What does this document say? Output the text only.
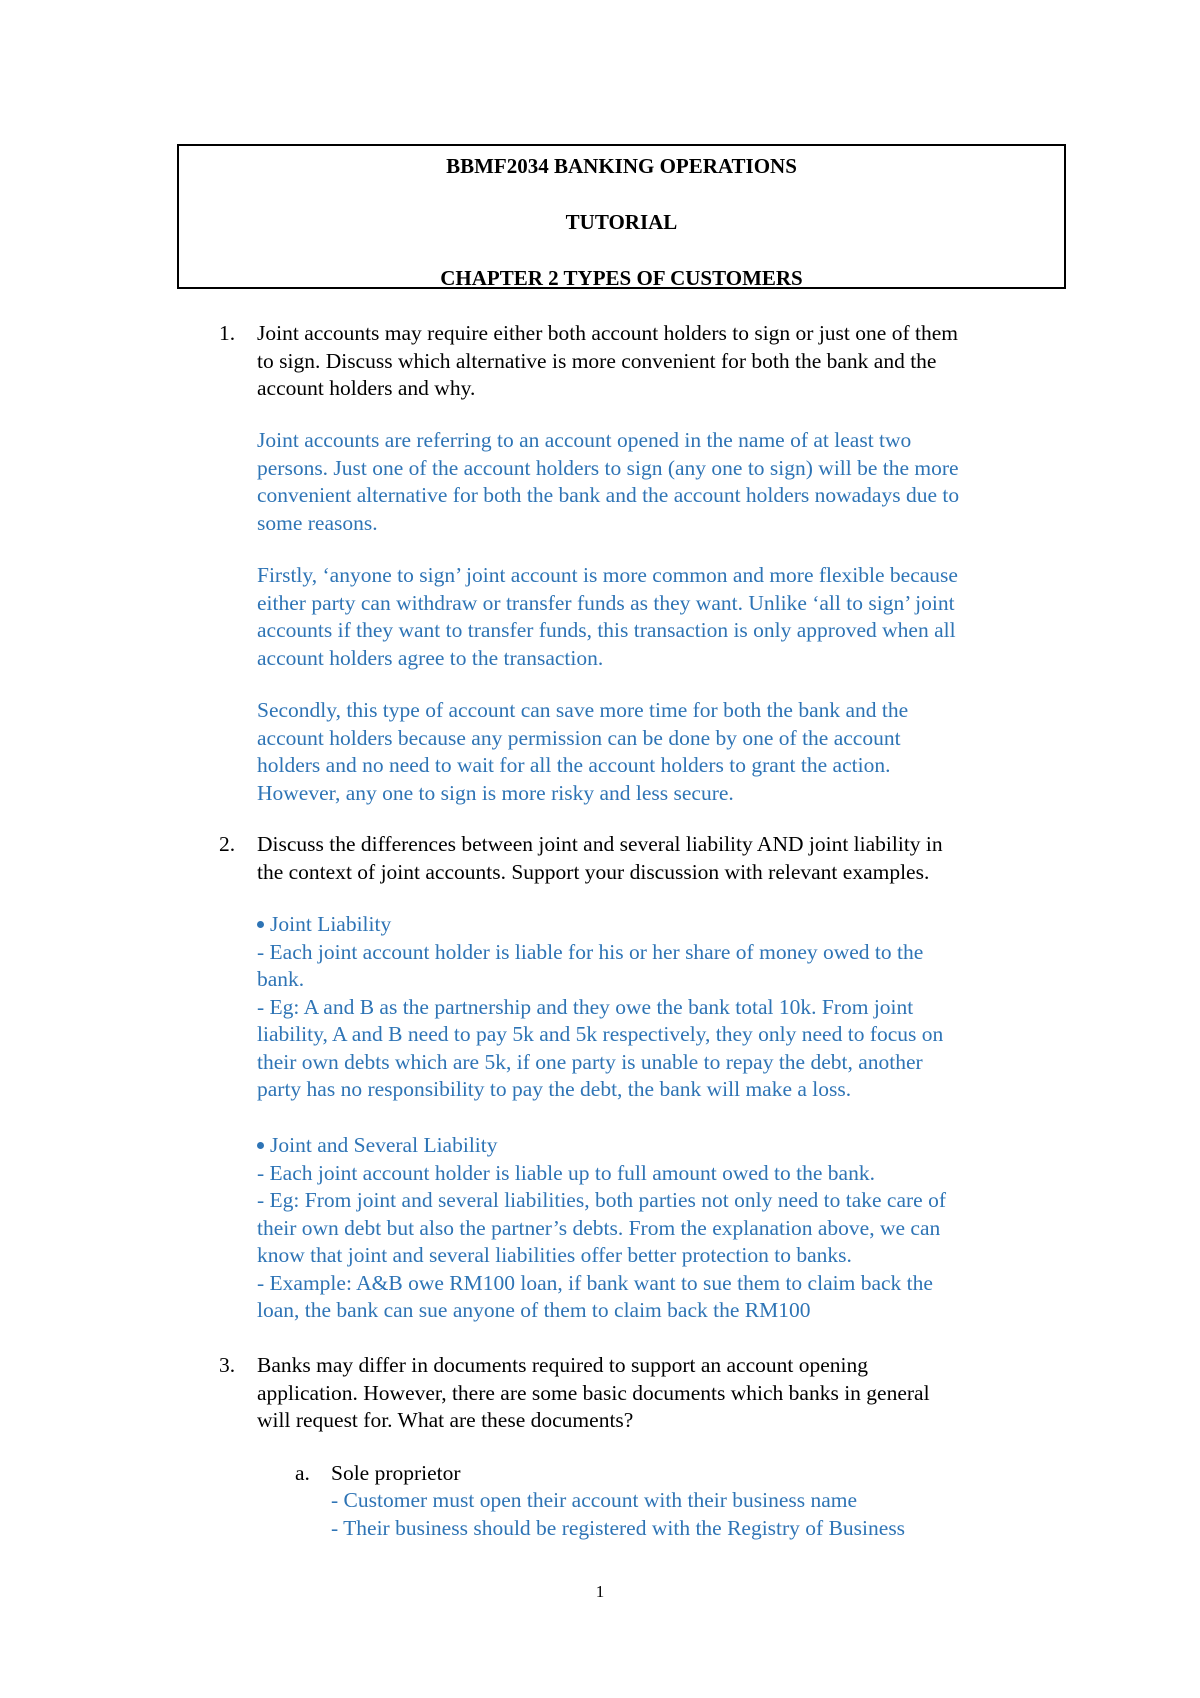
BBMF2034 BANKING OPERATIONS
TUTORIAL
CHAPTER 2 TYPES OF CUSTOMERS
1. Joint accounts may require either both account holders to sign or just one of them
to sign. Discuss which alternative is more convenient for both the bank and the
account holders and why.
Joint accounts are referring to an account opened in the name of at least two
persons. Just one of the account holders to sign (any one to sign) will be the more
convenient alternative for both the bank and the account holders nowadays due to
some reasons.
Firstly, ‘anyone to sign’ joint account is more common and more flexible because
either party can withdraw or transfer funds as they want. Unlike ‘all to sign’ joint
accounts if they want to transfer funds, this transaction is only approved when all
account holders agree to the transaction.
Secondly, this type of account can save more time for both the bank and the
account holders because any permission can be done by one of the account
holders and no need to wait for all the account holders to grant the action.
However, any one to sign is more risky and less secure.
2. Discuss the differences between joint and several liability AND joint liability in
the context of joint accounts. Support your discussion with relevant examples.
Joint Liability
- Each joint account holder is liable for his or her share of money owed to the
bank.
- Eg: A and B as the partnership and they owe the bank total 10k. From joint
liability, A and B need to pay 5k and 5k respectively, they only need to focus on
their own debts which are 5k, if one party is unable to repay the debt, another
party has no responsibility to pay the debt, the bank will make a loss.
Joint and Several Liability
- Each joint account holder is liable up to full amount owed to the bank.
- Eg: From joint and several liabilities, both parties not only need to take care of
their own debt but also the partner’s debts. From the explanation above, we can
know that joint and several liabilities offer better protection to banks.
- Example: A&B owe RM100 loan, if bank want to sue them to claim back the
loan, the bank can sue anyone of them to claim back the RM100
3. Banks may differ in documents required to support an account opening
application. However, there are some basic documents which banks in general
will request for. What are these documents?
a. Sole proprietor
- Customer must open their account with their business name
- Their business should be registered with the Registry of Business
1
